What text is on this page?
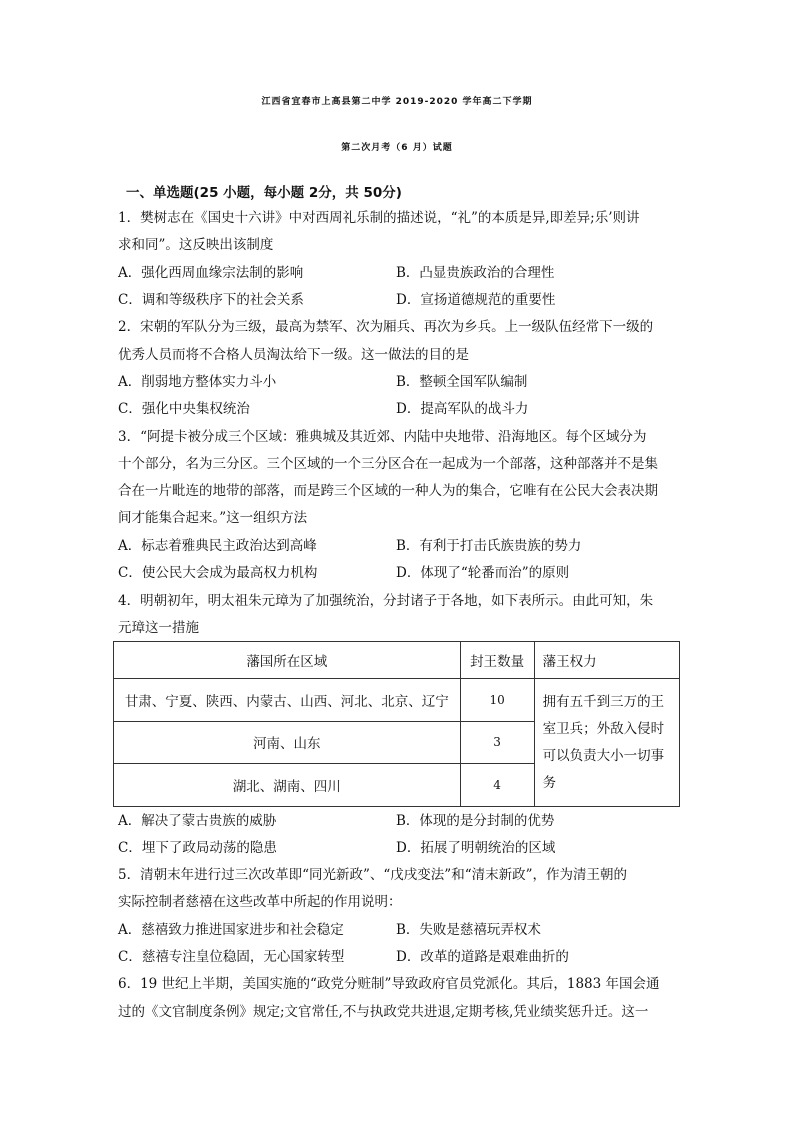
江西省宜春市上高县第二中学 2019-2020 学年高二下学期
第二次月考（6 月）试题
一、单选题(25 小题，每小题 2分，共 50分)
1．樊树志在《国史十六讲》中对西周礼乐制的描述说，“礼”的本质是异,即差异;乐’则讲
求和同”。这反映出该制度
A．强化西周血缘宗法制的影响	B．凸显贵族政治的合理性
C．调和等级秩序下的社会关系	D．宣扬道德规范的重要性
2．宋朝的军队分为三级，最高为禁军、次为厢兵、再次为乡兵。上一级队伍经常下一级的
优秀人员而将不合格人员淘汰给下一级。这一做法的目的是
A．削弱地方整体实力斗小	B．整顿全国军队编制
C．强化中央集权统治	D．提高军队的战斗力
3．“阿提卡被分成三个区域：雅典城及其近郊、内陆中央地带、沿海地区。每个区域分为
十个部分，名为三分区。三个区域的一个三分区合在一起成为一个部落，这种部落并不是集
合在一片毗连的地带的部落，而是跨三个区域的一种人为的集合，它唯有在公民大会表决期
间才能集合起来。”这一组织方法
A．标志着雅典民主政治达到高峰	B．有利于打击氏族贵族的势力
C．使公民大会成为最高权力机构	D．体现了“轮番而治”的原则
4．明朝初年，明太祖朱元璋为了加强统治，分封诸子于各地，如下表所示。由此可知，朱
元璋这一措施
藩国所在区域	封王数量	藩王权力
甘肃、宁夏、陕西、内蒙古、山西、河北、北京、辽宁	10	拥有五千到三万的王室卫兵；外敌入侵时可以负责大小一切事务
河南、山东	3	
湖北、湖南、四川	4	
A．解决了蒙古贵族的威胁	B．体现的是分封制的优势
C．埋下了政局动荡的隐患	D．拓展了明朝统治的区域
5．清朝末年进行过三次改革即“同光新政”、“戊戌变法”和“清末新政”，作为清王朝的
实际控制者慈禧在这些改革中所起的作用说明：
A．慈禧致力推进国家进步和社会稳定	B．失败是慈禧玩弄权术
C．慈禧专注皇位稳固，无心国家转型	D．改革的道路是艰难曲折的
6．19 世纪上半期，美国实施的“政党分赃制”导致政府官员党派化。其后，1883 年国会通
过的《文官制度条例》规定;文官常任,不与执政党共进退,定期考核,凭业绩奖惩升迁。这一
